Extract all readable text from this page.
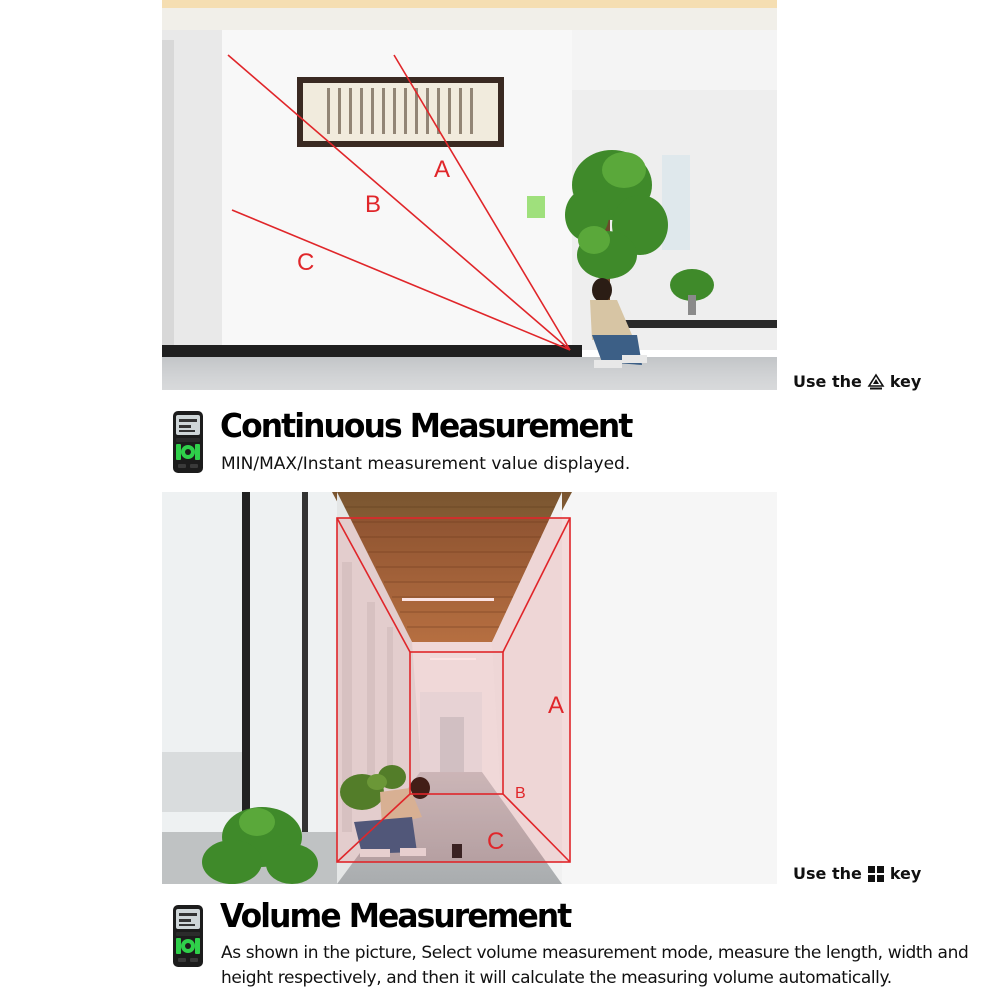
A
B
C
Use the key
Continuous Measurement
MIN/MAX/Instant measurement value displayed.
A
B
C
Use the key
Volume Measurement
As shown in the picture, Select volume measurement mode, measure the length, width and height respectively, and then it will calculate the measuring volume automatically.
